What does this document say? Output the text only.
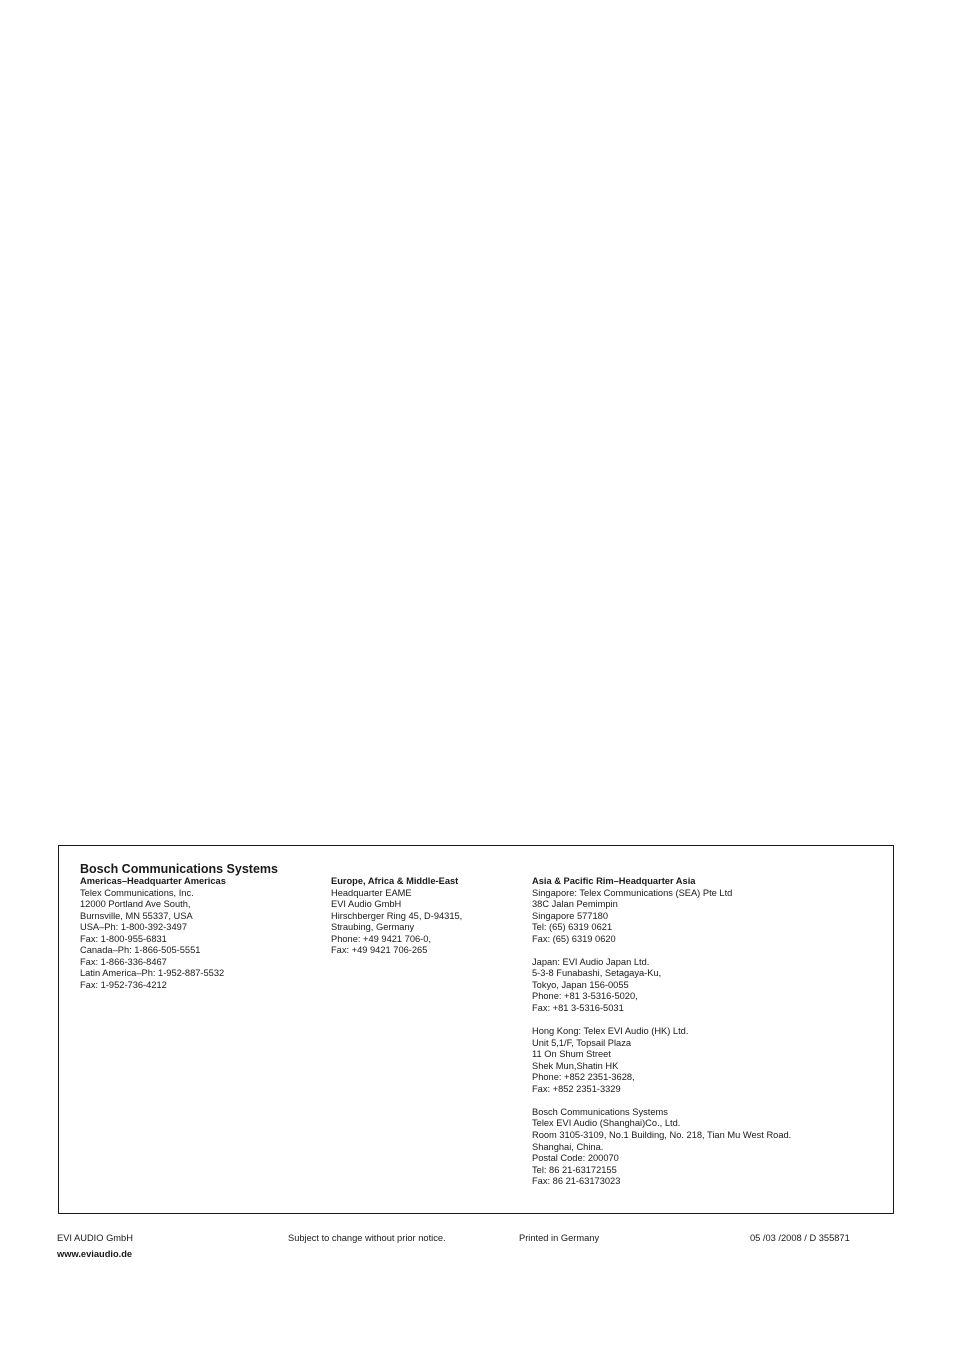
Bosch Communications Systems
Americas–Headquarter Americas
Telex Communications, Inc.
12000 Portland Ave South,
Burnsville, MN 55337, USA
USA–Ph: 1-800-392-3497
Fax: 1-800-955-6831
Canada–Ph: 1-866-505-5551
Fax: 1-866-336-8467
Latin America–Ph: 1-952-887-5532
Fax: 1-952-736-4212
Europe, Africa & Middle-East
Headquarter EAME
EVI Audio GmbH
Hirschberger Ring 45, D-94315,
Straubing, Germany
Phone: +49 9421 706-0,
Fax: +49 9421 706-265
Asia & Pacific Rim–Headquarter Asia
Singapore: Telex Communications (SEA) Pte Ltd
38C Jalan Pemimpin
Singapore 577180
Tel: (65) 6319 0621
Fax: (65) 6319 0620
Japan: EVI Audio Japan Ltd.
5-3-8 Funabashi, Setagaya-Ku,
Tokyo, Japan 156-0055
Phone: +81 3-5316-5020,
Fax: +81 3-5316-5031
Hong Kong: Telex EVI Audio (HK) Ltd.
Unit 5,1/F, Topsail Plaza
11 On Shum Street
Shek Mun,Shatin HK
Phone: +852 2351-3628,
Fax: +852 2351-3329
Bosch Communications Systems
Telex EVI Audio (Shanghai)Co., Ltd.
Room 3105-3109, No.1 Building, No. 218, Tian Mu West Road.
Shanghai, China.
Postal Code: 200070
Tel: 86 21-63172155
Fax: 86 21-63173023
EVI AUDIO GmbH	Subject to change without prior notice.	Printed in Germany	05 /03 /2008 / D 355871
www.eviaudio.de
